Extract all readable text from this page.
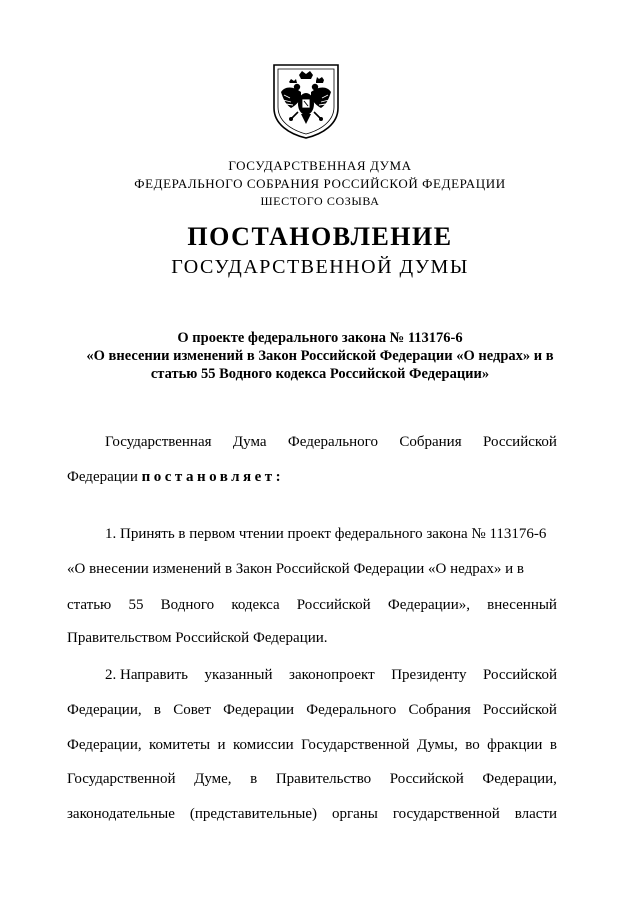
ГОСУДАРСТВЕННАЯ ДУМА
ФЕДЕРАЛЬНОГО СОБРАНИЯ РОССИЙСКОЙ ФЕДЕРАЦИИ
ШЕСТОГО СОЗЫВА
ПОСТАНОВЛЕНИЕ
ГОСУДАРСТВЕННОЙ ДУМЫ
О проекте федерального закона № 113176-6
«О внесении изменений в Закон Российской Федерации «О недрах» и в
статью 55 Водного кодекса Российской Федерации»
Государственная Дума Федерального Собрания Российской
Федерации постановляет:
1. Принять в первом чтении проект федерального закона № 113176-6
«О внесении изменений в Закон Российской Федерации «О недрах» и в
статью 55 Водного кодекса Российской Федерации», внесенный
Правительством Российской Федерации.
2. Направить указанный законопроект Президенту Российской
Федерации, в Совет Федерации Федерального Собрания Российской
Федерации, комитеты и комиссии Государственной Думы, во фракции в
Государственной Думе, в Правительство Российской Федерации,
законодательные (представительные) органы государственной власти
